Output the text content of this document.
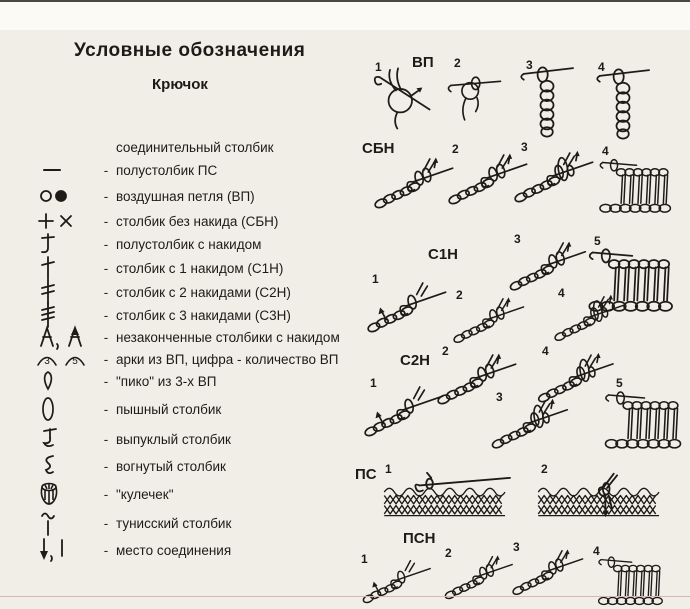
Условные обозначения
Крючок
соединительный столбик
- полустолбик ПС
- воздушная петля (ВП)
- столбик без накида (СБН)
- полустолбик с накидом
- столбик с 1 накидом (С1Н)
- столбик с 2 накидами (С2Н)
- столбик с 3 накидами (С3Н)
- незаконченные столбики с накидом
3 5	- арки из ВП, цифра - количество ВП
- "пико" из 3-х ВП
- пышный столбик
- выпуклый столбик
- вогнутый столбик
- "кулечек"
- тунисский столбик
- место соединения
ВП
1	2	3	4
СБН	2	3	4
С1Н
1
2
3
4
5
С2Н
1
2
3
4
5
ПС 1	2
ПСН
1	2	3	4
